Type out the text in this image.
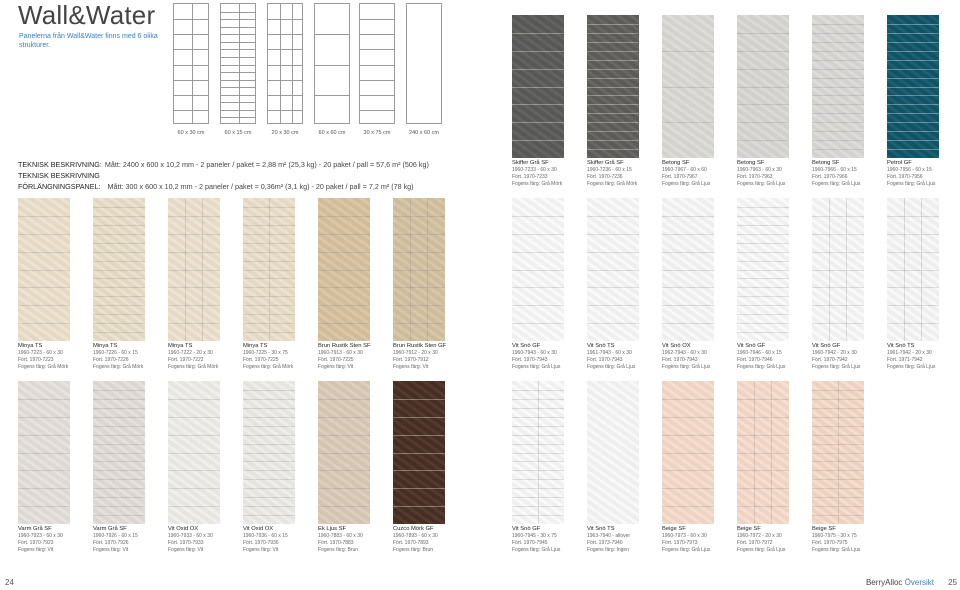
Wall&Water
Panelerna från Wall&Water finns med 6 olika strukturer.
60 x 30 cm	60 x 15 cm	20 x 30 cm	60 x 60 cm	30 x 75 cm	240 x 60 cm
TEKNISK BESKRIVNING: Mått: 2400 x 600 x 10,2 mm - 2 paneler / paket = 2,88 m² (25,3 kg) - 20 paket / pall = 57,6 m² (506 kg)
TEKNISK BESKRIVNING
FÖRLÄNGNINGSPANEL: Mått: 300 x 600 x 10,2 mm - 2 paneler / paket = 0,36m² (3,1 kg) - 20 paket / pall = 7,2 m² (78 kg)
Skiffer Grå SF
1960-7233 - 60 x 30
Fört. 1970-7233
Fogens färg: Grå Mörk
Skiffer Grå SF
1960-7236 - 60 x 15
Fört. 1970-7236
Fogens färg: Grå Mörk
Betong SF
1960-7967 - 60 x 60
Fört. 1970-7967
Fogens färg: Grå Ljus
Betong SF
1960-7963 - 60 x 30
Fört. 1970-7963
Fogens färg: Grå Ljus
Betong SF
1960-7966 - 60 x 15
Fört. 1970-7966
Fogens färg: Grå Ljus
Petrol GF
1960-7956 - 60 x 15
Fört. 1970-7956
Fogens färg: Grå Ljus
Minya TS
1960-7223 - 60 x 30
Fört. 1970-7223
Fogens färg: Grå Mörk
Minya TS
1960-7226 - 60 x 15
Fört. 1970-7226
Fogens färg: Grå Mörk
Minya TS
1960-7222 - 20 x 30
Fört. 1970-7222
Fogens färg: Grå Mörk
Minya TS
1960-7225 - 30 x 75
Fört. 1970-7225
Fogens färg: Grå Mörk
Brun Rustik Sten SF
1960-7913 - 60 x 30
Fört. 1970-7225
Fogens färg: Vit
Brun Rustik Sten GF
1960-7912 - 20 x 30
Fört. 1970-7912
Fogens färg: Vit
Vit Snö GF
1960-7943 - 60 x 30
Fört. 1970-7943
Fogens färg: Grå Ljus
Vit Snö TS
1961-7943 - 60 x 30
Fört. 1970-7943
Fogens färg: Grå Ljus
Vit Snö OX
1962-7943 - 60 x 30
Fört. 1970-7943
Fogens färg: Grå Ljus
Vit Snö GF
1960-7946 - 60 x 15
Fört. 1970-7946
Fogens färg: Grå Ljus
Vit Snö GF
1960-7942 - 20 x 30
Fört. 1970-7942
Fogens färg: Grå Ljus
Vit Snö TS
1961-7942 - 20 x 30
Fört. 1971-7942
Fogens färg: Grå Ljus
Varm Grå SF
1960-7923 - 60 x 30
Fört. 1970-7923
Fogens färg: Vit
Varm Grå SF
1960-7926 - 60 x 15
Fört. 1970-7926
Fogens färg: Vit
Vit Oxid OX
1960-7933 - 60 x 30
Fört. 1970-7933
Fogens färg: Vit
Vit Oxid OX
1960-7936 - 60 x 15
Fört. 1970-7936
Fogens färg: Vit
Ek Ljus SF
1960-7883 - 60 x 30
Fört. 1970-7883
Fogens färg: Brun
Cuzco Mörk GF
1960-7893 - 60 x 30
Fört. 1970-7893
Fogens färg: Brun
Vit Snö GF
1960-7945 - 30 x 75
Fört. 1970-7945
Fogens färg: Grå Ljus
Vit Snö TS
1963-7940 - allover
Fört. 1973-7940
Fogens färg: Ingen
Beige SF
1960-7973 - 60 x 30
Fört. 1970-7973
Fogens färg: Grå Ljus
Beige SF
1960-7972 - 20 x 30
Fört. 1970-7972
Fogens färg: Grå Ljus
Beige SF
1960-7975 - 30 x 75
Fört. 1970-7975
Fogens färg: Grå Ljus
24	BerryAlloc Översikt 25
